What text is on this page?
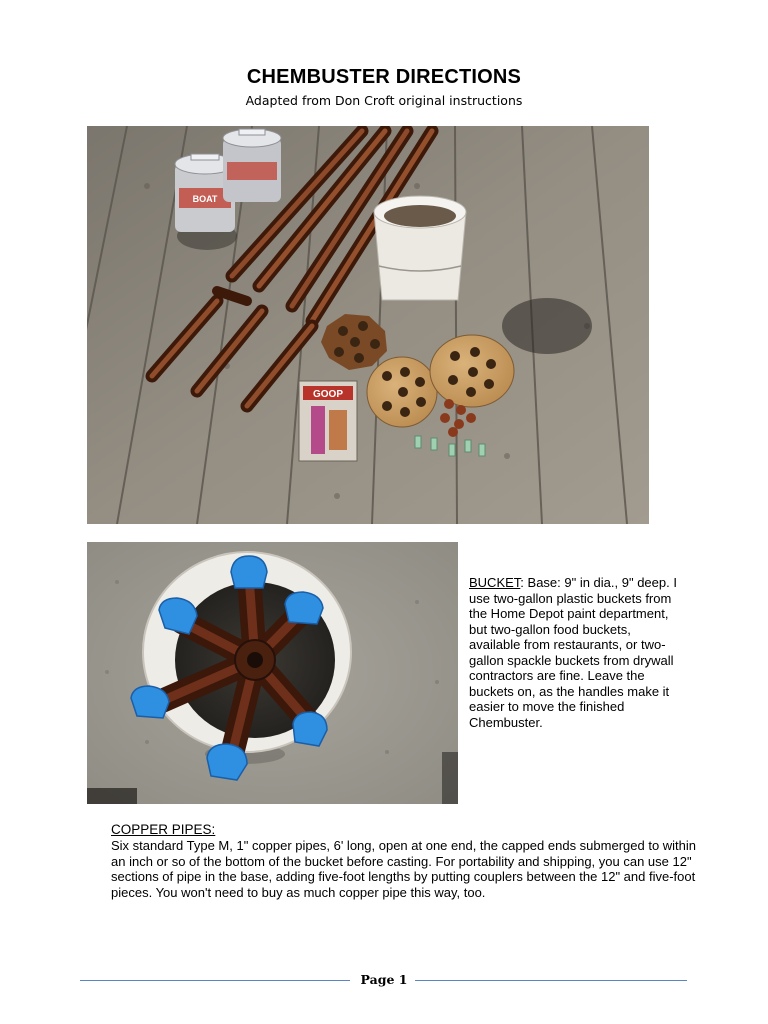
CHEMBUSTER DIRECTIONS
Adapted from Don Croft original instructions
BOAT
GOOP
BUCKET: Base: 9" in dia., 9" deep. I use two-gallon plastic buckets from the Home Depot paint department, but two-gallon food buckets, available from restaurants, or two-gallon spackle buckets from drywall contractors are fine. Leave the buckets on, as the handles make it easier to move the finished Chembuster.
COPPER PIPES:
Six standard Type M, 1" copper pipes, 6' long, open at one end, the capped ends submerged to within an inch or so of the bottom of the bucket before casting. For portability and shipping, you can use 12" sections of pipe in the base, adding five-foot lengths by putting couplers between the 12" and five-foot pieces. You won't need to buy as much copper pipe this way, too.
Page 1
